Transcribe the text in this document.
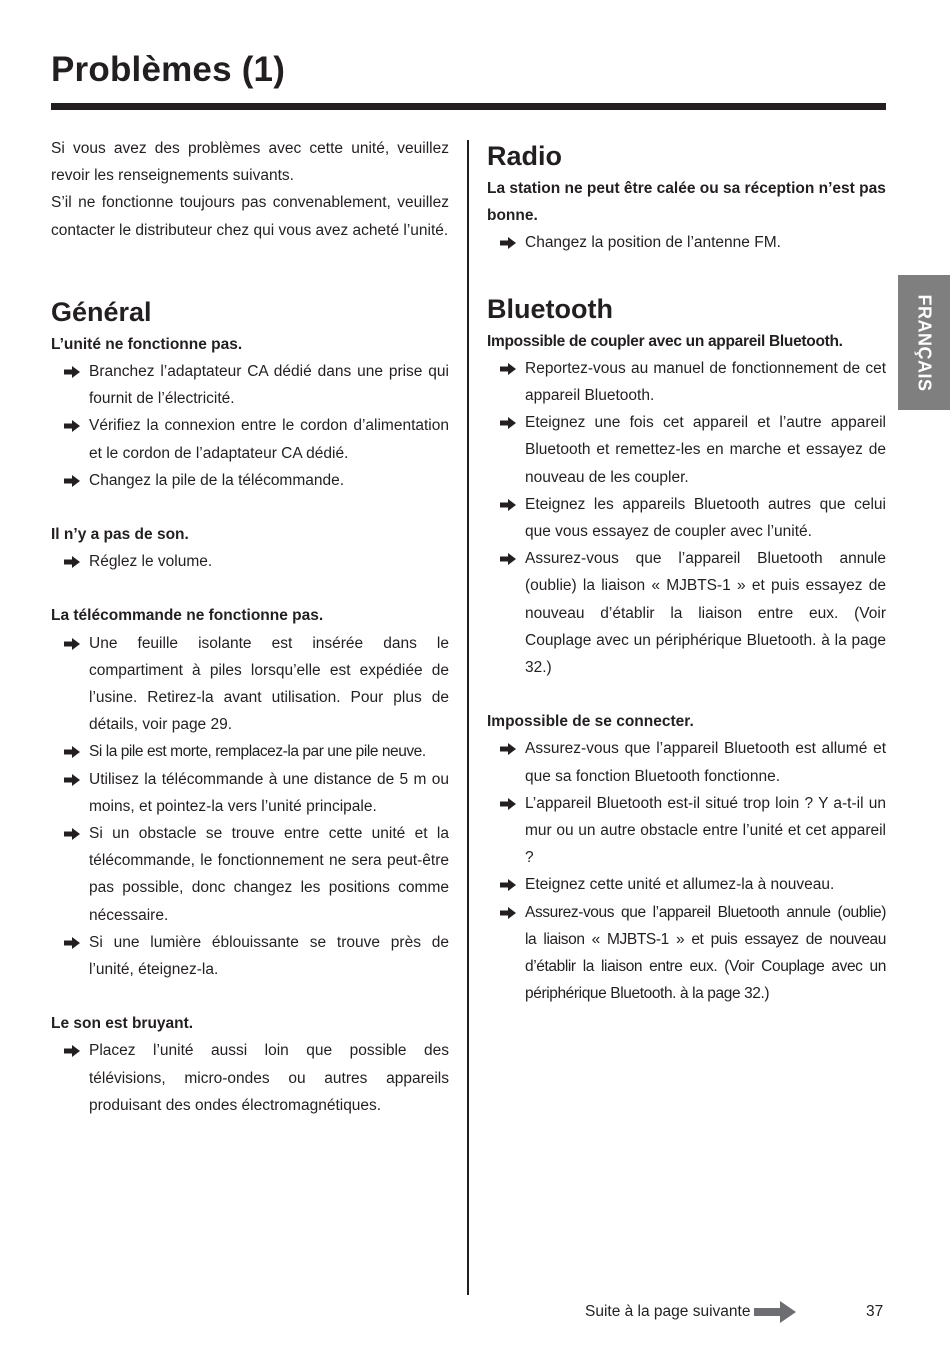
Problèmes (1)
FRANÇAIS

Si vous avez des problèmes avec cette unité, veuillez revoir les renseignements suivants.

S’il ne fonctionne toujours pas convenablement, veuillez contacter le distributeur chez qui vous avez acheté l’unité.

Général
L’unité ne fonctionne pas.
Branchez l’adaptateur CA dédié dans une prise qui fournit de l’électricité.
Vérifiez la connexion entre le cordon d’alimentation et le cordon de l’adaptateur CA dédié.
Changez la pile de la télécommande.
Il n’y a pas de son.
Réglez le volume.
La télécommande ne fonctionne pas.
Une feuille isolante est insérée dans le compartiment à piles lorsqu’elle est expédiée de l’usine. Retirez-la avant utilisation. Pour plus de détails, voir page 29.
Si la pile est morte, remplacez-la par une pile neuve.
Utilisez la télécommande à une distance de 5 m ou moins, et pointez-la vers l’unité principale.
Si un obstacle se trouve entre cette unité et la télécommande, le fonctionnement ne sera peut-être pas possible, donc changez les positions comme nécessaire.
Si une lumière éblouissante se trouve près de l’unité, éteignez-la.
Le son est bruyant.
Placez l’unité aussi loin que possible des télévisions, micro-ondes ou autres appareils produisant des ondes électromagnétiques.
Radio
La station ne peut être calée ou sa réception n’est pas bonne.
Changez la position de l’antenne FM.
Bluetooth
Impossible de coupler avec un appareil Bluetooth.
Reportez-vous au manuel de fonctionnement de cet appareil Bluetooth.
Eteignez une fois cet appareil et l’autre appareil Bluetooth et remettez-les en marche et essayez de nouveau de les coupler.
Eteignez les appareils Bluetooth autres que celui que vous essayez de coupler avec l’unité.
Assurez-vous que l’appareil Bluetooth annule (oublie) la liaison « MJBTS-1 » et puis essayez de nouveau d’établir la liaison entre eux. (Voir Couplage avec un périphérique Bluetooth. à la page 32.)
Impossible de se connecter.
Assurez-vous que l’appareil Bluetooth est allumé et que sa fonction Bluetooth fonctionne.
L’appareil Bluetooth est-il situé trop loin ? Y a-t-il un mur ou un autre obstacle entre l’unité et cet appareil ?
Eteignez cette unité et allumez-la à nouveau.
Assurez-vous que l’appareil Bluetooth annule (oublie) la liaison « MJBTS-1 » et puis essayez de nouveau d’établir la liaison entre eux. (Voir Couplage avec un périphérique Bluetooth. à la page 32.)
Suite à la page suivante	37
